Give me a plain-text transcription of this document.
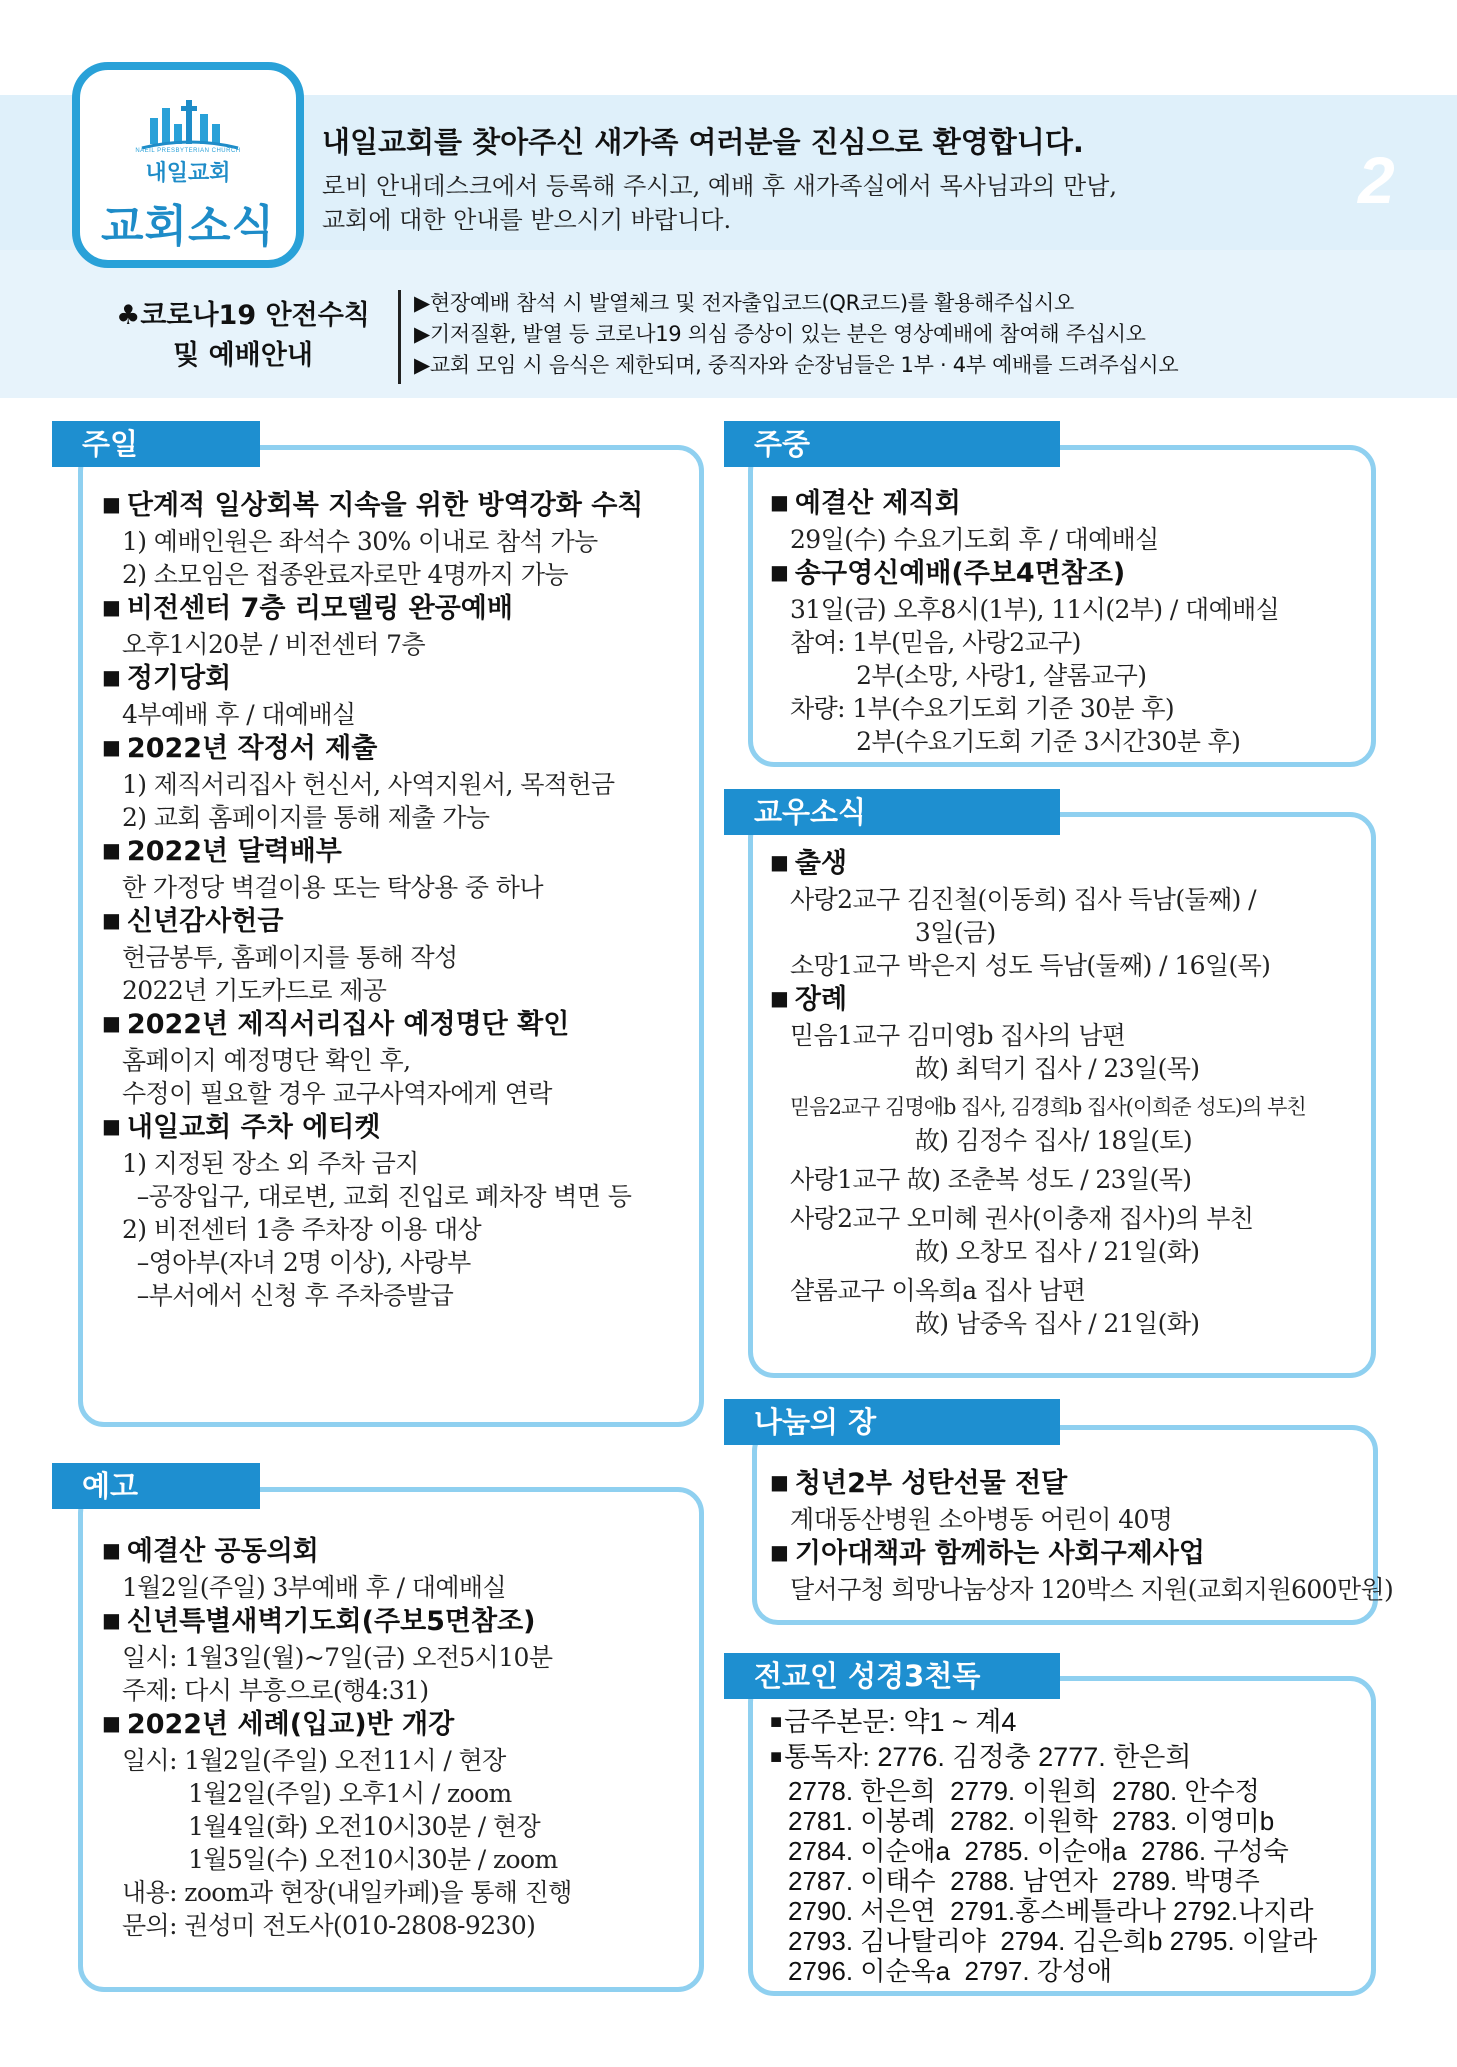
NAEIL PRESBYTERIAN CHURCH
내일교회
교회소식
내일교회를 찾아주신 새가족 여러분을 진심으로 환영합니다.
로비 안내데스크에서 등록해 주시고, 예배 후 새가족실에서 목사님과의 만남,
교회에 대한 안내를 받으시기 바랍니다.
2
♣코로나19 안전수칙
및 예배안내
▶현장예배 참석 시 발열체크 및 전자출입코드(QR코드)를 활용해주십시오
▶기저질환, 발열 등 코로나19 의심 증상이 있는 분은 영상예배에 참여해 주십시오
▶교회 모임 시 음식은 제한되며, 중직자와 순장님들은 1부 · 4부 예배를 드려주십시오
주일
■ 단계적 일상회복 지속을 위한 방역강화 수칙
1) 예배인원은 좌석수 30% 이내로 참석 가능
2) 소모임은 접종완료자로만 4명까지 가능
■ 비전센터 7층 리모델링 완공예배
오후1시20분 / 비전센터 7층
■ 정기당회
4부예배 후 / 대예배실
■ 2022년 작정서 제출
1) 제직서리집사 헌신서, 사역지원서, 목적헌금
2) 교회 홈페이지를 통해 제출 가능
■ 2022년 달력배부
한 가정당 벽걸이용 또는 탁상용 중 하나
■ 신년감사헌금
헌금봉투, 홈페이지를 통해 작성
2022년 기도카드로 제공
■ 2022년 제직서리집사 예정명단 확인
홈페이지 예정명단 확인 후,
수정이 필요할 경우 교구사역자에게 연락
■ 내일교회 주차 에티켓
1) 지정된 장소 외 주차 금지
–공장입구, 대로변, 교회 진입로 폐차장 벽면 등
2) 비전센터 1층 주차장 이용 대상
–영아부(자녀 2명 이상), 사랑부
–부서에서 신청 후 주차증발급
예고
■ 예결산 공동의회
1월2일(주일) 3부예배 후 / 대예배실
■ 신년특별새벽기도회(주보5면참조)
일시: 1월3일(월)~7일(금) 오전5시10분
주제: 다시 부흥으로(행4:31)
■ 2022년 세례(입교)반 개강
일시: 1월2일(주일) 오전11시 / 현장
1월2일(주일) 오후1시 / zoom
1월4일(화) 오전10시30분 / 현장
1월5일(수) 오전10시30분 / zoom
내용: zoom과 현장(내일카페)을 통해 진행
문의: 권성미 전도사(010-2808-9230)
주중
■ 예결산 제직회
29일(수) 수요기도회 후 / 대예배실
■ 송구영신예배(주보4면참조)
31일(금) 오후8시(1부), 11시(2부) / 대예배실
참여: 1부(믿음, 사랑2교구)
2부(소망, 사랑1, 샬롬교구)
차량: 1부(수요기도회 기준 30분 후)
2부(수요기도회 기준 3시간30분 후)
교우소식
■ 출생
사랑2교구 김진철(이동희) 집사 득남(둘째) /
3일(금)
소망1교구 박은지 성도 득남(둘째) / 16일(목)
■ 장례
믿음1교구 김미영b 집사의 남편
故) 최덕기 집사 / 23일(목)
믿음2교구 김명애b 집사, 김경희b 집사(이희준 성도)의 부친
故) 김정수 집사/ 18일(토)
사랑1교구 故) 조춘복 성도 / 23일(목)
사랑2교구 오미혜 권사(이충재 집사)의 부친
故) 오창모 집사 / 21일(화)
샬롬교구 이옥희a 집사 남편
故) 남중옥 집사 / 21일(화)
나눔의 장
■ 청년2부 성탄선물 전달
계대동산병원 소아병동 어린이 40명
■ 기아대책과 함께하는 사회구제사업
달서구청 희망나눔상자 120박스 지원(교회지원600만원)
전교인 성경3천독
■ 금주본문: 약1 ~ 계4
■ 통독자: 2776. 김정충 2777. 한은희
2778. 한은희  2779. 이원희  2780. 안수정
2781. 이봉례  2782. 이원학  2783. 이영미b
2784. 이순애a  2785. 이순애a  2786. 구성숙
2787. 이태수  2788. 남연자  2789. 박명주
2790. 서은연  2791.홍스베틀라나 2792.나지라
2793. 김나탈리야  2794. 김은희b 2795. 이알라
2796. 이순옥a  2797. 강성애
